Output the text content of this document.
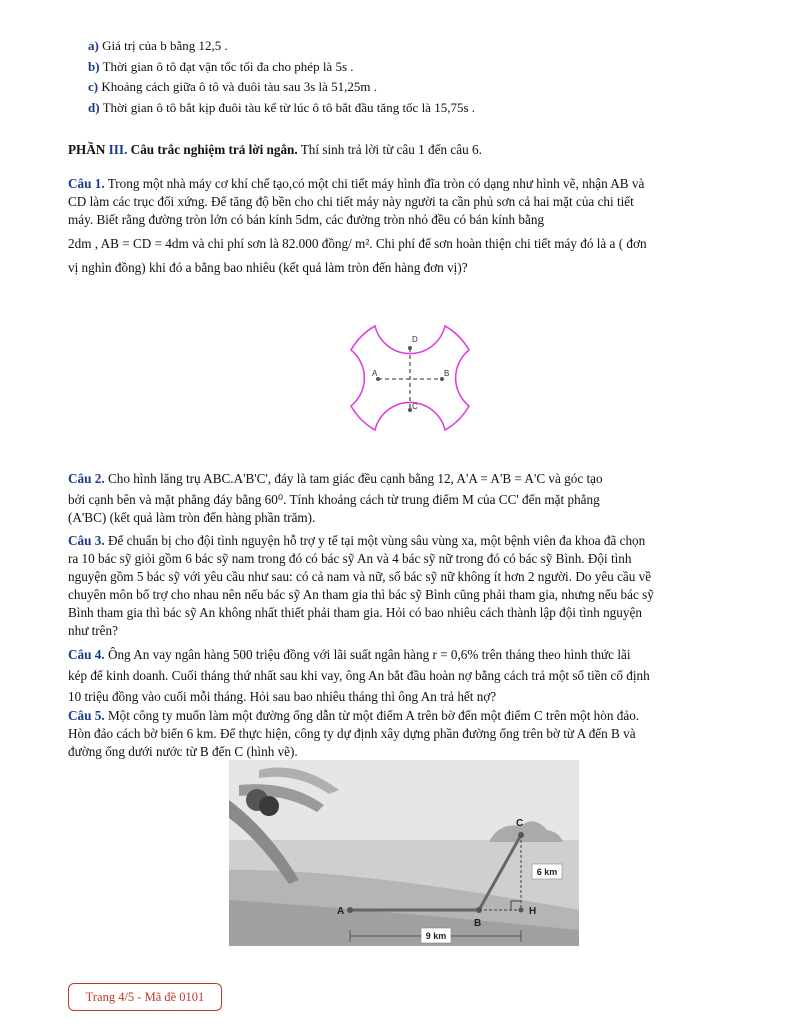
a) Giá trị của b bằng 12,5 .
b) Thời gian ô tô đạt vận tốc tối đa cho phép là 5s .
c) Khoảng cách giữa ô tô và đuôi tàu sau 3s là 51,25m .
d) Thời gian ô tô bắt kịp đuôi tàu kể từ lúc ô tô bắt đầu tăng tốc là 15,75s .
PHẦN III. Câu trắc nghiệm trả lời ngắn. Thí sinh trả lời từ câu 1 đến câu 6.
Câu 1. Trong một nhà máy cơ khí chế tạo,có một chi tiết máy hình đĩa tròn có dạng như hình vẽ, nhận AB và
CD làm các trục đối xứng. Để tăng độ bền cho chi tiết máy này người ta cần phủ sơn cả hai mặt của chi tiết
máy. Biết rằng đường tròn lớn có bán kính 5dm, các đường tròn nhỏ đều có bán kính bằng
2dm , AB = CD = 4dm và chi phí sơn là 82.000 đồng/ m². Chi phí để sơn hoàn thiện chi tiết máy đó là a ( đơn
vị nghìn đồng) khi đó a bằng bao nhiêu (kết quả làm tròn đến hàng đơn vị)?
A	B
C
D
Câu 2. Cho hình lăng trụ ABC.A'B'C', đáy là tam giác đều cạnh bằng 12, A'A = A'B = A'C và góc tạo
bởi cạnh bên và mặt phẳng đáy bằng 60⁰. Tính khoảng cách từ trung điểm M của CC' đến mặt phẳng
(A'BC) (kết quả làm tròn đến hàng phần trăm).
Câu 3. Để chuẩn bị cho đội tình nguyện hỗ trợ y tế tại một vùng sâu vùng xa, một bệnh viên đa khoa đã chọn
ra 10 bác sỹ giỏi gồm 6 bác sỹ nam trong đó có bác sỹ An và 4 bác sỹ nữ trong đó có bác sỹ Bình. Đội tình
nguyện gồm 5 bác sỹ với yêu cầu như sau: có cả nam và nữ, số bác sỹ nữ không ít hơn 2 người. Do yêu cầu về
chuyên môn bổ trợ cho nhau nên nếu bác sỹ An tham gia thì bác sỹ Bình cũng phải tham gia, nhưng nếu bác sỹ
Bình tham gia thì bác sỹ An không nhất thiết phải tham gia. Hỏi có bao nhiêu cách thành lập đội tình nguyện
như trên?
Câu 4. Ông An vay ngân hàng 500 triệu đồng với lãi suất ngân hàng r = 0,6% trên tháng theo hình thức lãi
kép để kinh doanh. Cuối tháng thứ nhất sau khi vay, ông An bắt đầu hoàn nợ bằng cách trả một số tiền cố định
10 triệu đồng vào cuối mỗi tháng. Hỏi sau bao nhiêu tháng thì ông An trả hết nợ?
Câu 5. Một công ty muốn làm một đường ống dẫn từ một điểm A trên bờ đến một điểm C trên một hòn đảo.
Hòn đảo cách bờ biển 6 km. Để thực hiện, công ty dự định xây dựng phần đường ống trên bờ từ A đến B và
đường ống dưới nước từ B đến C (hình vẽ).
9 km
6 km
A
B
C
H
Trang 4/5 - Mã đề 0101
